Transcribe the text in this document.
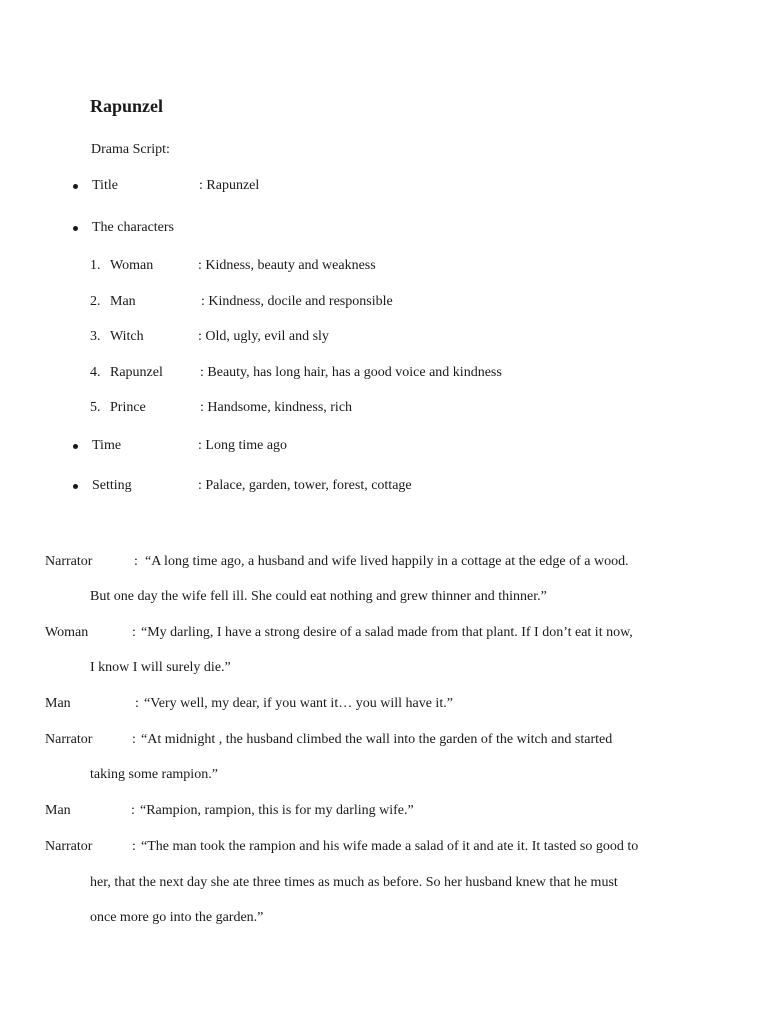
Rapunzel
Drama Script:
Title	: Rapunzel
The characters
1. Woman	: Kidness, beauty and weakness
2. Man	: Kindness, docile and responsible
3. Witch	: Old, ugly, evil and sly
4. Rapunzel	: Beauty, has long hair, has a good voice and kindness
5. Prince	: Handsome, kindness, rich
Time	: Long time ago
Setting	: Palace, garden, tower, forest, cottage
Narrator	: “A long time ago, a husband and wife lived happily in a cottage at the edge of a wood.
But one day the wife fell ill. She could eat nothing and grew thinner and thinner.”
Woman	: “My darling, I have a strong desire of a salad made from that plant. If I don’t eat it now,
I know I will surely die.”
Man	: “Very well, my dear, if you want it… you will have it.”
Narrator	: “At midnight , the husband climbed the wall into the garden of the witch and started
taking some rampion.”
Man	: “Rampion, rampion, this is for my darling wife.”
Narrator	: “The man took the rampion and his wife made a salad of it and ate it. It tasted so good to
her, that the next day she ate three times as much as before. So her husband knew that he must
once more go into the garden.”
